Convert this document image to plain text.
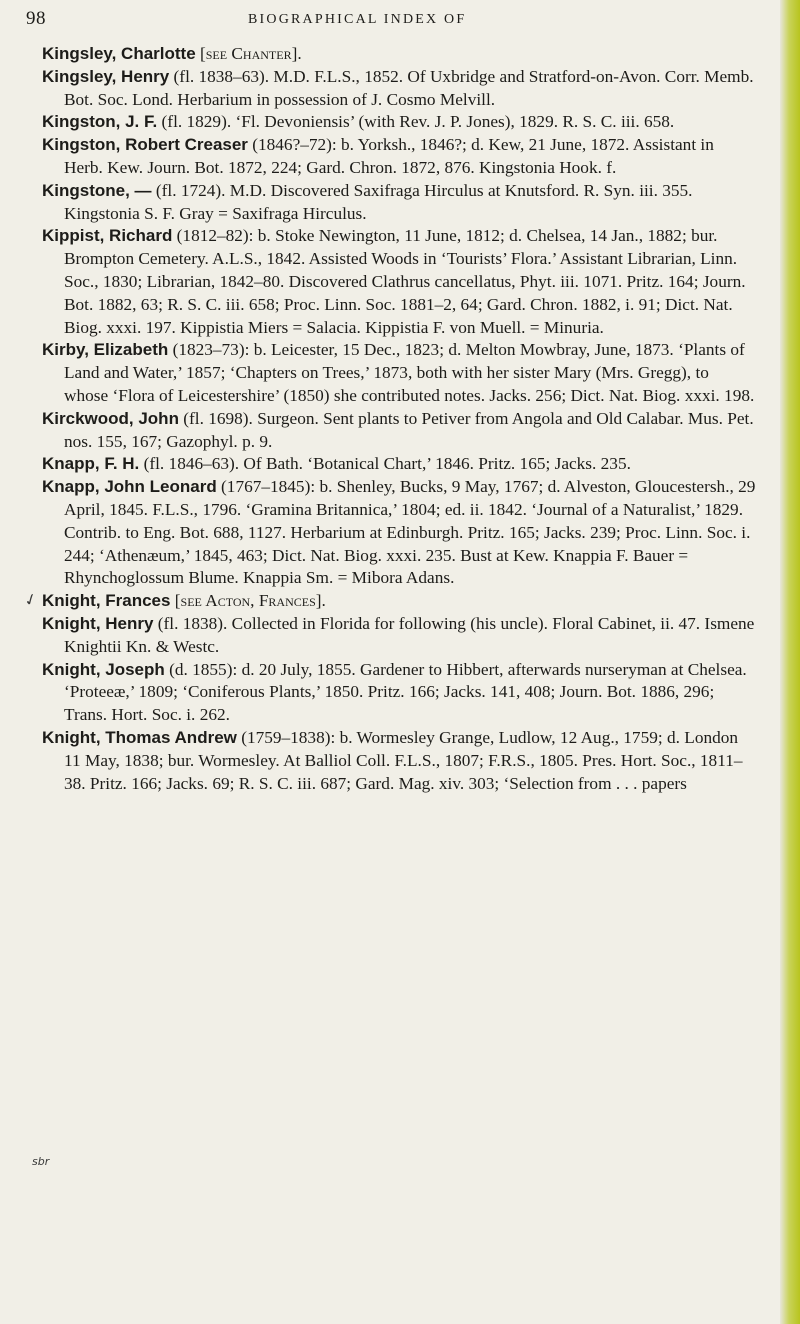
98	BIOGRAPHICAL INDEX OF
✓
sbr

Kingsley, Charlotte [see Chanter].

Kingsley, Henry (fl. 1838–63). M.D. F.L.S., 1852. Of Uxbridge and Stratford-on-Avon. Corr. Memb. Bot. Soc. Lond. Herbarium in possession of J. Cosmo Melvill.

Kingston, J. F. (fl. 1829). ‘Fl. Devoniensis’ (with Rev. J. P. Jones), 1829. R. S. C. iii. 658.

Kingston, Robert Creaser (1846?–72): b. Yorksh., 1846?; d. Kew, 21 June, 1872. Assistant in Herb. Kew. Journ. Bot. 1872, 224; Gard. Chron. 1872, 876. Kingstonia Hook. f.

Kingstone, — (fl. 1724). M.D. Discovered Saxifraga Hirculus at Knutsford. R. Syn. iii. 355. Kingstonia S. F. Gray = Saxifraga Hirculus.

Kippist, Richard (1812–82): b. Stoke Newington, 11 June, 1812; d. Chelsea, 14 Jan., 1882; bur. Brompton Cemetery. A.L.S., 1842. Assisted Woods in ‘Tourists’ Flora.’ Assistant Librarian, Linn. Soc., 1830; Librarian, 1842–80. Discovered Clathrus cancellatus, Phyt. iii. 1071. Pritz. 164; Journ. Bot. 1882, 63; R. S. C. iii. 658; Proc. Linn. Soc. 1881–2, 64; Gard. Chron. 1882, i. 91; Dict. Nat. Biog. xxxi. 197. Kippistia Miers = Salacia. Kippistia F. von Muell. = Minuria.

Kirby, Elizabeth (1823–73): b. Leicester, 15 Dec., 1823; d. Melton Mowbray, June, 1873. ‘Plants of Land and Water,’ 1857; ‘Chapters on Trees,’ 1873, both with her sister Mary (Mrs. Gregg), to whose ‘Flora of Leicestershire’ (1850) she contributed notes. Jacks. 256; Dict. Nat. Biog. xxxi. 198.

Kirckwood, John (fl. 1698). Surgeon. Sent plants to Petiver from Angola and Old Calabar. Mus. Pet. nos. 155, 167; Gazophyl. p. 9.

Knapp, F. H. (fl. 1846–63). Of Bath. ‘Botanical Chart,’ 1846. Pritz. 165; Jacks. 235.

Knapp, John Leonard (1767–1845): b. Shenley, Bucks, 9 May, 1767; d. Alveston, Gloucestersh., 29 April, 1845. F.L.S., 1796. ‘Gramina Britannica,’ 1804; ed. ii. 1842. ‘Journal of a Naturalist,’ 1829. Contrib. to Eng. Bot. 688, 1127. Herbarium at Edinburgh. Pritz. 165; Jacks. 239; Proc. Linn. Soc. i. 244; ‘Athenæum,’ 1845, 463; Dict. Nat. Biog. xxxi. 235. Bust at Kew. Knappia F. Bauer = Rhynchoglossum Blume. Knappia Sm. = Mibora Adans.

Knight, Frances [see Acton, Frances].

Knight, Henry (fl. 1838). Collected in Florida for following (his uncle). Floral Cabinet, ii. 47. Ismene Knightii Kn. & Westc.

Knight, Joseph (d. 1855): d. 20 July, 1855. Gardener to Hibbert, afterwards nurseryman at Chelsea. ‘Proteeæ,’ 1809; ‘Coniferous Plants,’ 1850. Pritz. 166; Jacks. 141, 408; Journ. Bot. 1886, 296; Trans. Hort. Soc. i. 262.

Knight, Thomas Andrew (1759–1838): b. Wormesley Grange, Ludlow, 12 Aug., 1759; d. London 11 May, 1838; bur. Wormesley. At Balliol Coll. F.L.S., 1807; F.R.S., 1805. Pres. Hort. Soc., 1811–38. Pritz. 166; Jacks. 69; R. S. C. iii. 687; Gard. Mag. xiv. 303; ‘Selection from . . . papers
